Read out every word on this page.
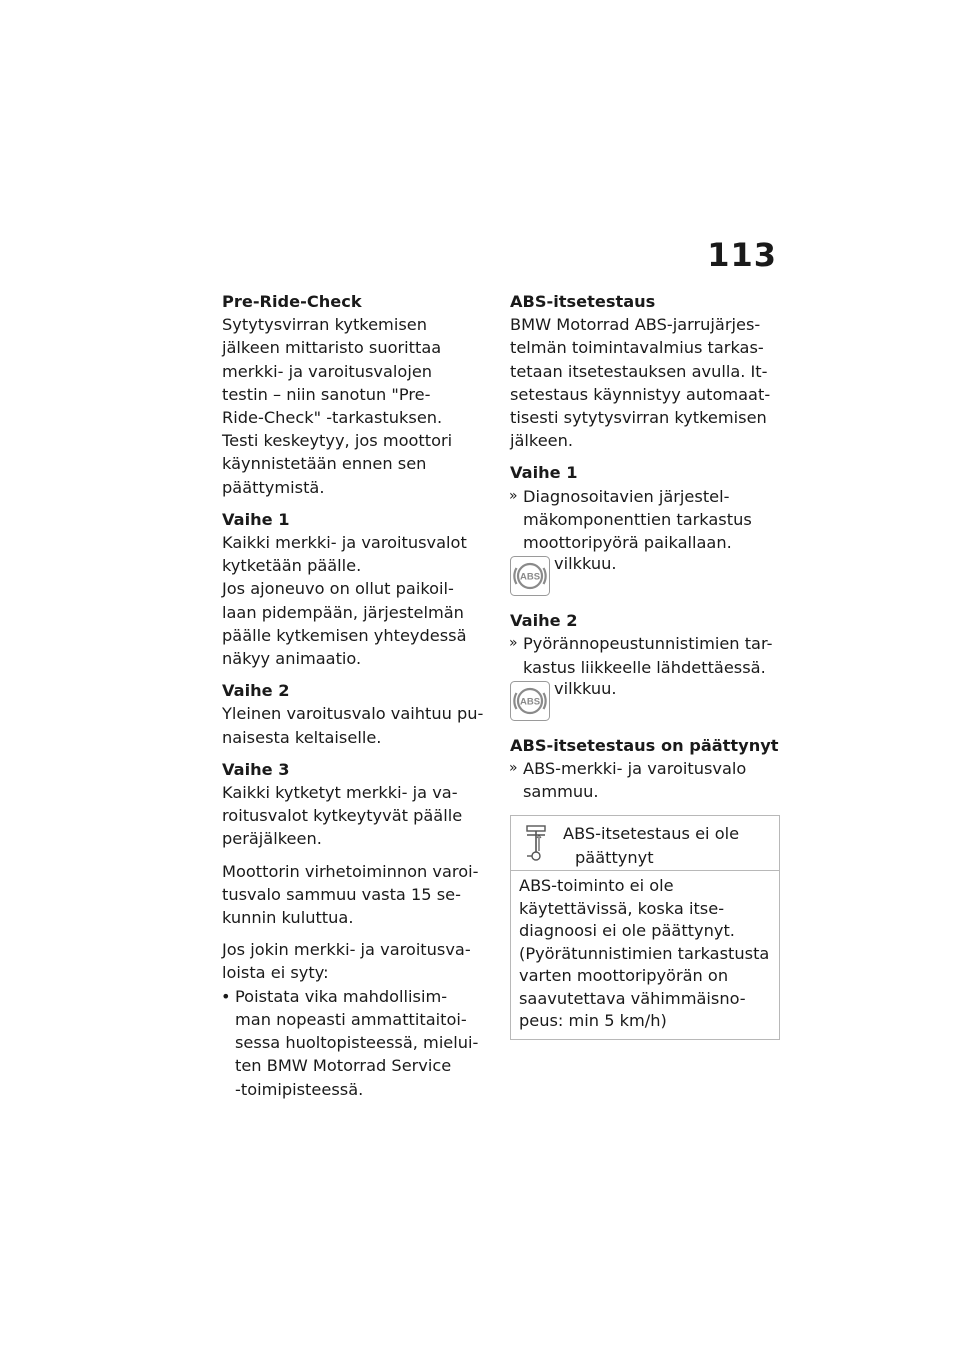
113

Pre-Ride-Check

Sytytysvirran kytkemisen

jälkeen mittaristo suorittaa

merkki- ja varoitusvalojen

testin – niin sanotun "Pre-

Ride-Check" -tarkastuksen.

Testi keskeytyy, jos moottori

käynnistetään ennen sen

päättymistä.

Vaihe 1

Kaikki merkki- ja varoitusvalot

kytketään päälle.

Jos ajoneuvo on ollut paikoil-

laan pidempään, järjestelmän

päälle kytkemisen yhteydessä

näkyy animaatio.

Vaihe 2

Yleinen varoitusvalo vaihtuu pu-

naisesta keltaiselle.

Vaihe 3

Kaikki kytketyt merkki- ja va-

roitusvalot kytkeytyvät päälle

peräjälkeen.

Moottorin virhetoiminnon varoi-

tusvalo sammuu vasta 15 se-

kunnin kuluttua.

Jos jokin merkki- ja varoitusva-

loista ei syty:

• Poistata vika mahdollisim-

man nopeasti ammattitaitoi-

sessa huoltopisteessä, mielui-

ten BMW Motorrad Service

-toimipisteessä.

ABS-itsetestaus

BMW Motorrad ABS-jarrujärjes-

telmän toimintavalmius tarkas-

tetaan itsetestauksen avulla. It-

setestaus käynnistyy automaat-

tisesti sytytysvirran kytkemisen

jälkeen.

Vaihe 1

» Diagnosoitavien järjestel-

mäkomponenttien tarkastus

moottoripyörä paikallaan.

ABS

vilkkuu.

Vaihe 2

» Pyörännopeustunnistimien tar-

kastus liikkeelle lähdettäessä.

ABS

vilkkuu.

ABS-itsetestaus on päättynyt

» ABS-merkki- ja varoitusvalo

sammuu.

ABS-itsetestaus ei ole

päättynyt

ABS-toiminto ei ole

käytettävissä, koska itse-

diagnoosi ei ole päättynyt.

(Pyörätunnistimien tarkastusta

varten moottoripyörän on

saavutettava vähimmäisno-

peus: min 5 km/h)
